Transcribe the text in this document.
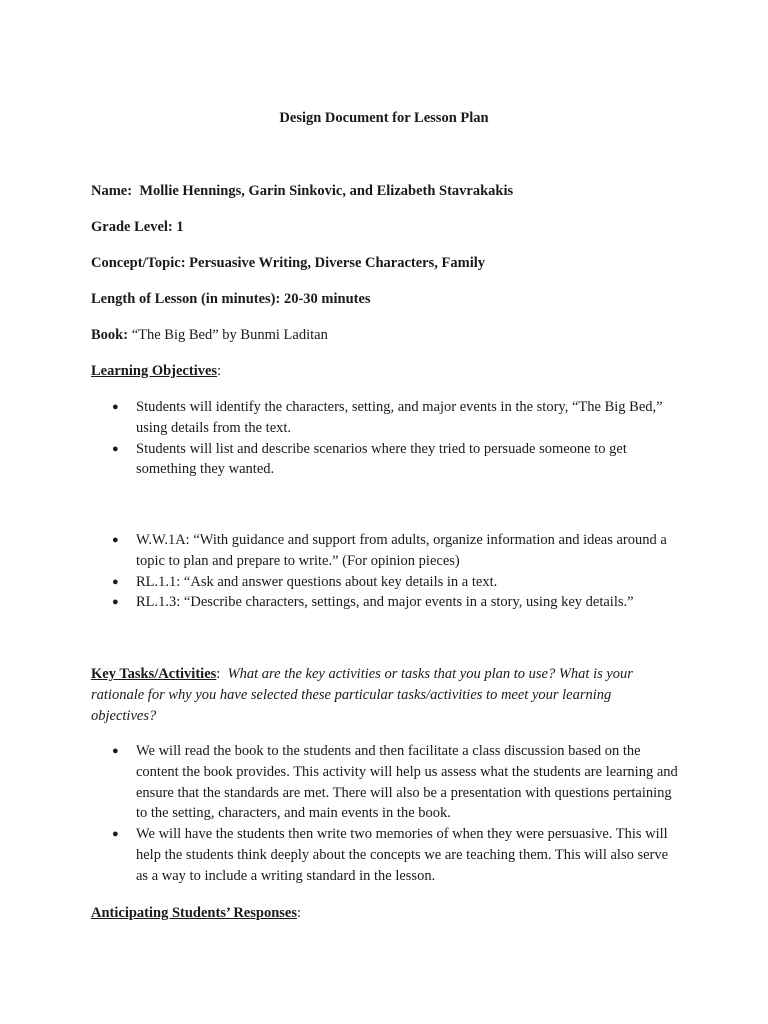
Design Document for Lesson Plan
Name: Mollie Hennings, Garin Sinkovic, and Elizabeth Stavrakakis
Grade Level: 1
Concept/Topic: Persuasive Writing, Diverse Characters, Family
Length of Lesson (in minutes): 20-30 minutes
Book: “The Big Bed” by Bunmi Laditan
Learning Objectives:
● Students will identify the characters, setting, and major events in the story, “The Big Bed,” using details from the text.
● Students will list and describe scenarios where they tried to persuade someone to get something they wanted.
● W.W.1A: “With guidance and support from adults, organize information and ideas around a topic to plan and prepare to write.” (For opinion pieces)
● RL.1.1: “Ask and answer questions about key details in a text.
● RL.1.3: “Describe characters, settings, and major events in a story, using key details.”
Key Tasks/Activities: What are the key activities or tasks that you plan to use? What is your rationale for why you have selected these particular tasks/activities to meet your learning objectives?
● We will read the book to the students and then facilitate a class discussion based on the content the book provides. This activity will help us assess what the students are learning and ensure that the standards are met. There will also be a presentation with questions pertaining to the setting, characters, and main events in the book.
● We will have the students then write two memories of when they were persuasive. This will help the students think deeply about the concepts we are teaching them. This will also serve as a way to include a writing standard in the lesson.
Anticipating Students’ Responses:
